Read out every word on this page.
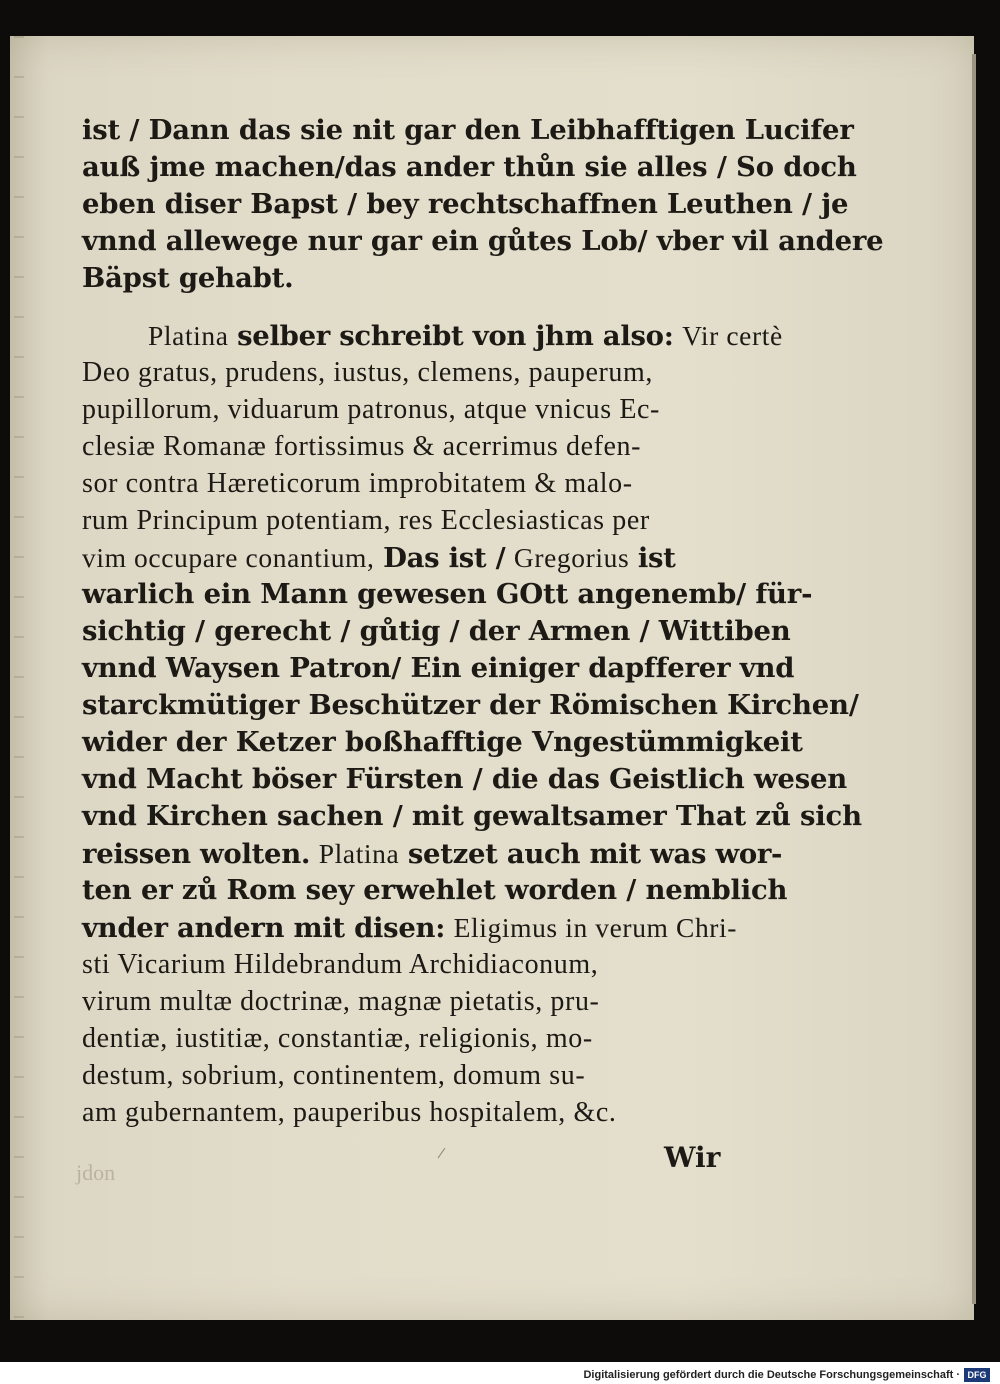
ist / Dann das sie nit gar den Leibhafftigen Lucifer
auß jme machen/das ander thůn sie alles / So doch
eben diser Bapst / bey rechtschaffnen Leuthen / je
vnnd allewege nur gar ein gůtes Lob/ vber vil andere
Bäpst gehabt.
Platina selber schreibt von jhm also: Vir certè
Deo gratus, prudens, iustus, clemens, pauperum,
pupillorum, viduarum patronus, atque vnicus Ec-
clesiæ Romanæ fortissimus & acerrimus defen-
sor contra Hæreticorum improbitatem & malo-
rum Principum potentiam, res Ecclesiasticas per
vim occupare conantium, Das ist / Gregorius ist
warlich ein Mann gewesen GOtt angenemb/ für-
sichtig / gerecht / gůtig / der Armen / Wittiben
vnnd Waysen Patron/ Ein einiger dapfferer vnd
starckmütiger Beschützer der Römischen Kirchen/
wider der Ketzer boßhafftige Vngestümmigkeit
vnd Macht böser Fürsten / die das Geistlich wesen
vnd Kirchen sachen / mit gewaltsamer That zů sich
reissen wolten. Platina setzet auch mit was wor-
ten er zů Rom sey erwehlet worden / nemblich
vnder andern mit disen: Eligimus in verum Chri-
sti Vicarium Hildebrandum Archidiaconum,
virum multæ doctrinæ, magnæ pietatis, pru-
dentiæ, iustitiæ, constantiæ, religionis, mo-
destum, sobrium, continentem, domum su-
am gubernantem, pauperibus hospitalem, &c.
jdon	Wir
Digitalisierung gefördert durch die Deutsche Forschungsgemeinschaft · DFG
